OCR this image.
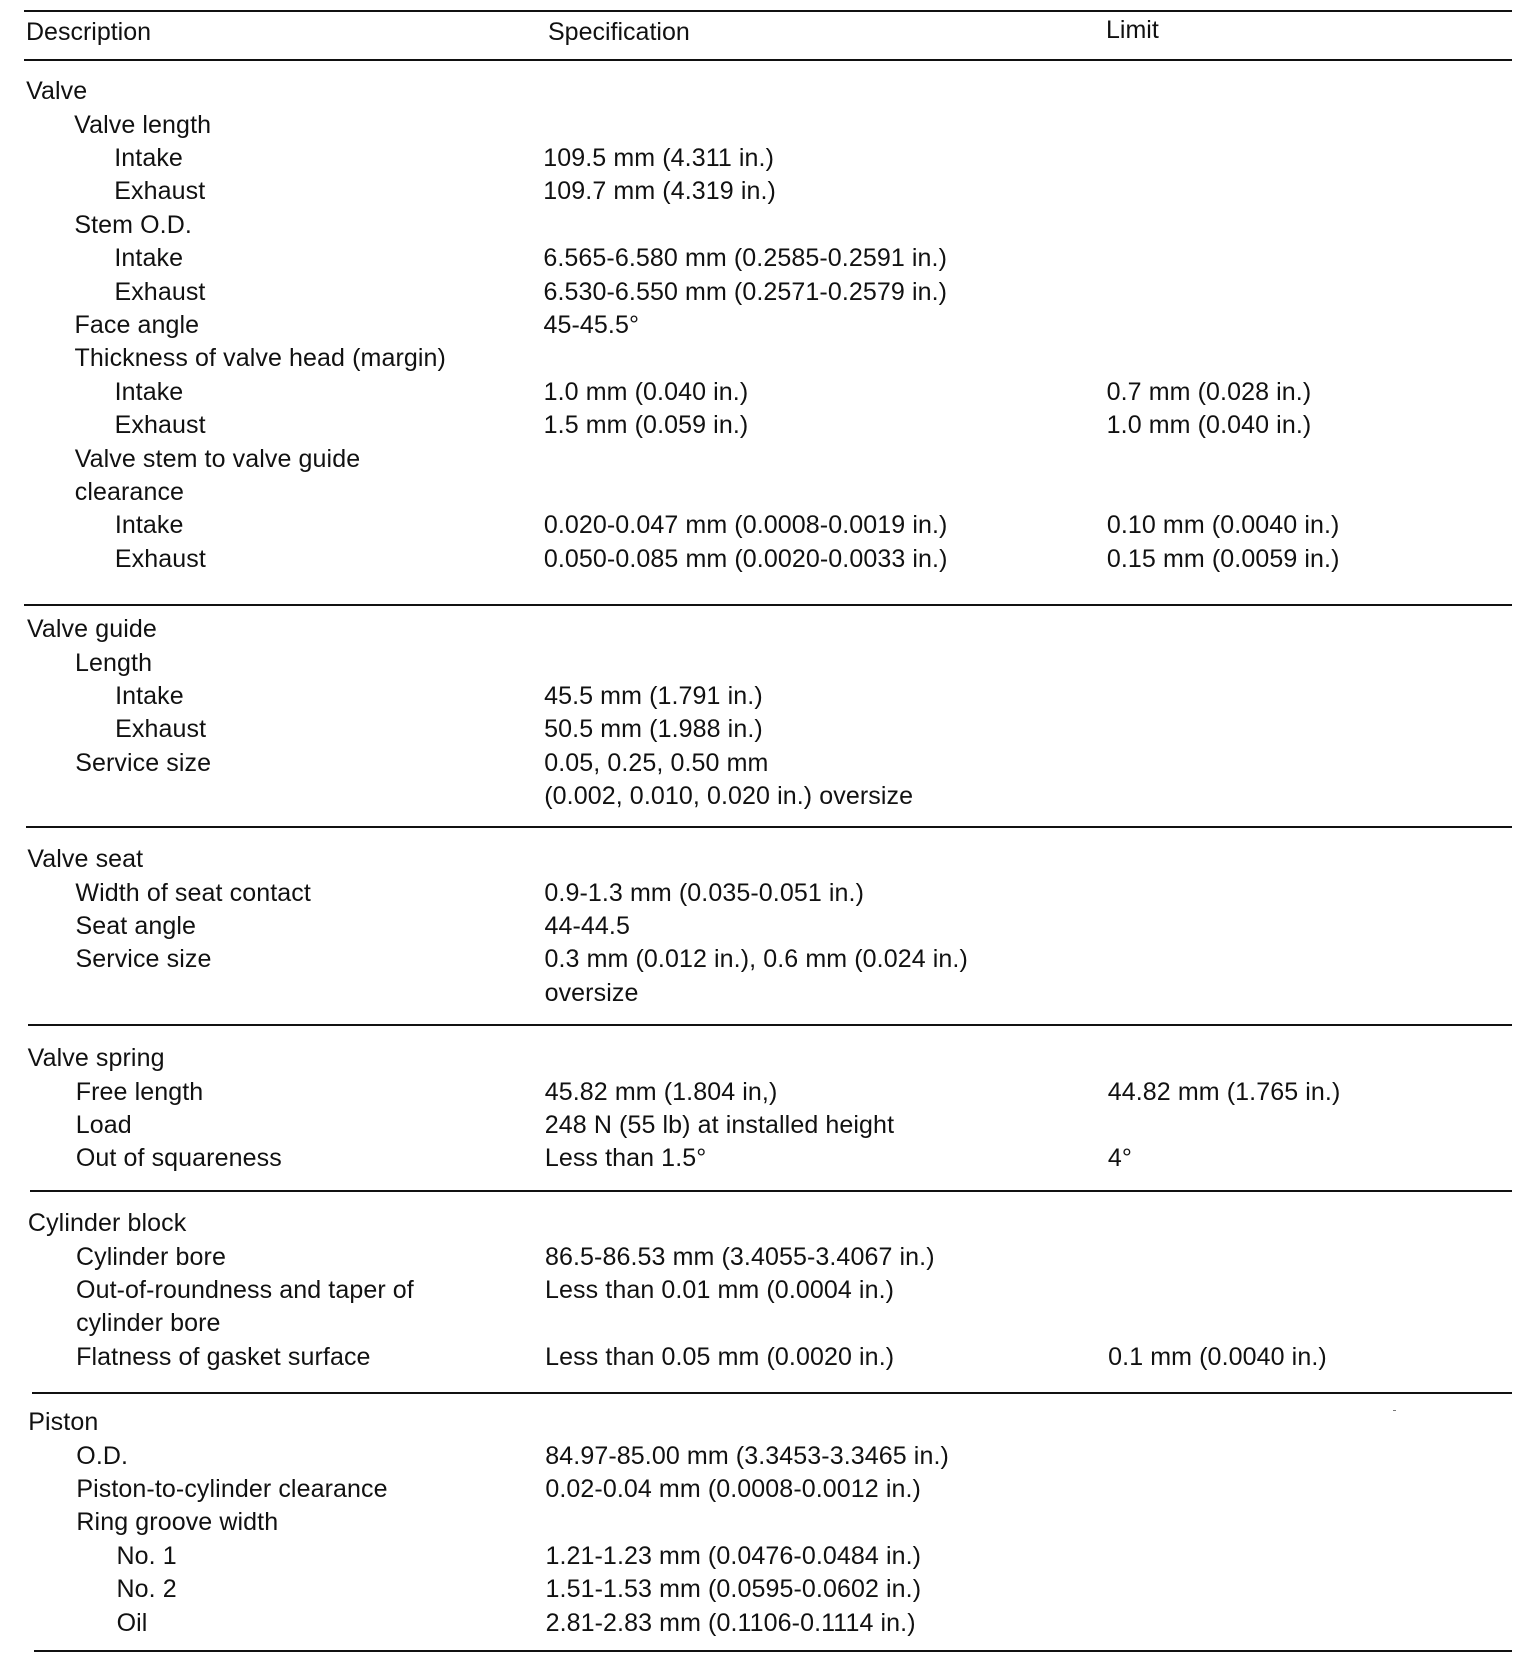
Description	Specification	Limit
Valve
Valve length
Intake	109.5 mm (4.311 in.)
Exhaust	109.7 mm (4.319 in.)
Stem O.D.
Intake	6.565-6.580 mm (0.2585-0.2591 in.)
Exhaust	6.530-6.550 mm (0.2571-0.2579 in.)
Face angle	45-45.5°
Thickness of valve head (margin)
Intake	1.0 mm (0.040 in.)	0.7 mm (0.028 in.)
Exhaust	1.5 mm (0.059 in.)	1.0 mm (0.040 in.)
Valve stem to valve guide
clearance
Intake	0.020-0.047 mm (0.0008-0.0019 in.)	0.10 mm (0.0040 in.)
Exhaust	0.050-0.085 mm (0.0020-0.0033 in.)	0.15 mm (0.0059 in.)
Valve guide
Length
Intake	45.5 mm (1.791 in.)
Exhaust	50.5 mm (1.988 in.)
Service size	0.05, 0.25, 0.50 mm
(0.002, 0.010, 0.020 in.) oversize
Valve seat
Width of seat contact	0.9-1.3 mm (0.035-0.051 in.)
Seat angle	44-44.5
Service size	0.3 mm (0.012 in.), 0.6 mm (0.024 in.)
oversize
Valve spring
Free length	45.82 mm (1.804 in,)	44.82 mm (1.765 in.)
Load	248 N (55 lb) at installed height
Out of squareness	Less than 1.5°	4°
Cylinder block
Cylinder bore	86.5-86.53 mm (3.4055-3.4067 in.)
Out-of-roundness and taper of	Less than 0.01 mm (0.0004 in.)
cylinder bore
Flatness of gasket surface	Less than 0.05 mm (0.0020 in.)	0.1 mm (0.0040 in.)
Piston
O.D.	84.97-85.00 mm (3.3453-3.3465 in.)
Piston-to-cylinder clearance	0.02-0.04 mm (0.0008-0.0012 in.)
Ring groove width
No. 1	1.21-1.23 mm (0.0476-0.0484 in.)
No. 2	1.51-1.53 mm (0.0595-0.0602 in.)
Oil	2.81-2.83 mm (0.1106-0.1114 in.)
